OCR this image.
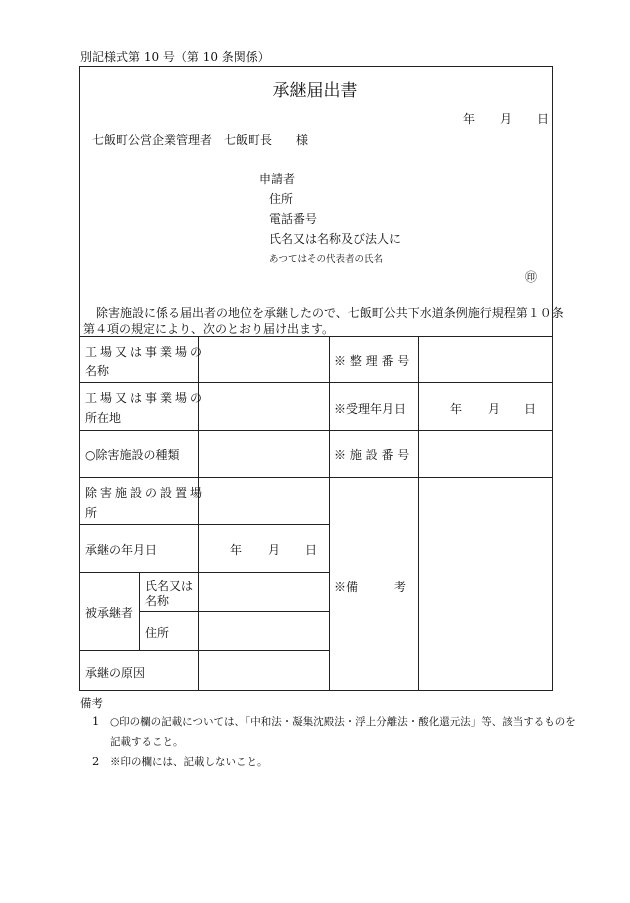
別記様式第 10 号（第 10 条関係）
承継届出書
年 月 日
七飯町公営企業管理者　七飯町長　　様
申請者
住所
電話番号
氏名又は名称及び法人に
あつてはその代表者の氏名
㊞
除害施設に係る届出者の地位を承継したので、七飯町公共下水道条例施行規程第１０条
第４項の規定により、次のとおり届け出ます。
工場又は事業場の
名称
工場又は事業場の
所在地
○除害施設の種類
除害施設の設置場
所
承継の年月日	年 月 日
被承継者
氏名又は
名称
住所
承継の原因
※ 整 理 番 号
※受理年月日	年 月 日
※ 施 設 番 号
※備　　　考
備考
1 ○印の欄の記載については、「中和法・凝集沈殿法・浮上分離法・酸化還元法」等、該当するものを
記載すること。
2 ※印の欄には、記載しないこと。
